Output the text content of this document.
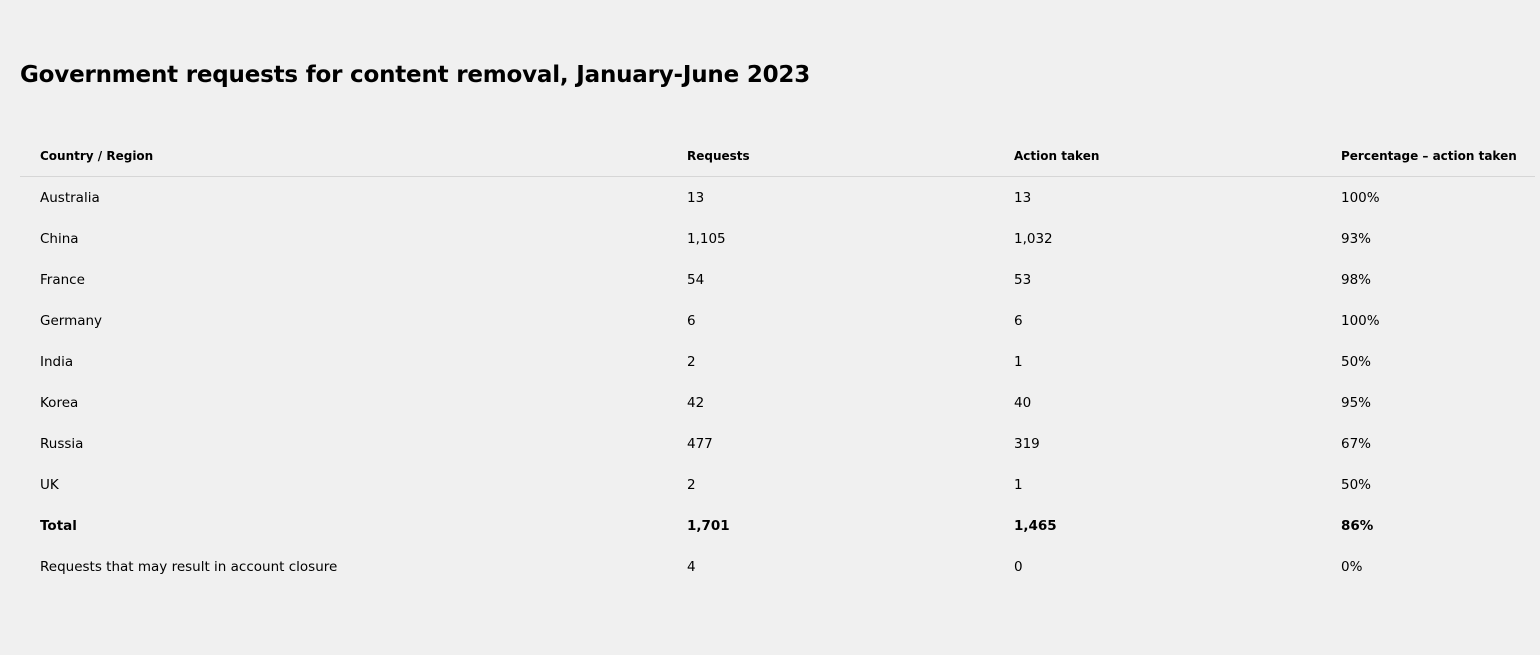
Government requests for content removal, January-June 2023
Country / Region	Requests	Action taken	Percentage – action taken
Australia	13	13	100%
China	1,105	1,032	93%
France	54	53	98%
Germany	6	6	100%
India	2	1	50%
Korea	42	40	95%
Russia	477	319	67%
UK	2	1	50%
Total	1,701	1,465	86%
Requests that may result in account closure	4	0	0%
